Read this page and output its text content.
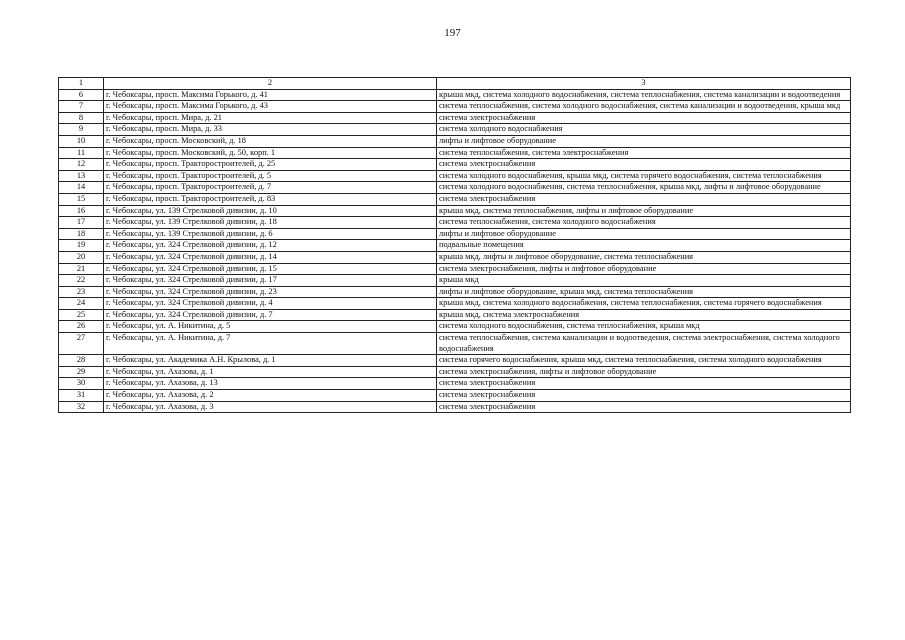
197
1	2	3
6	г. Чебоксары, просп. Максима Горького, д. 41	крыша мкд, система холодного водоснабжения, система теплоснабжения, система канализации и водоотведения
7	г. Чебоксары, просп. Максима Горького, д. 43	система теплоснабжения, система холодного водоснабжения, система канализации и водоотведения, крыша мкд
8	г. Чебоксары, просп. Мира, д. 21	система электроснабжения
9	г. Чебоксары, просп. Мира, д. 33	система холодного водоснабжения
10	г. Чебоксары, просп. Московский, д. 18	лифты и лифтовое оборудование
11	г. Чебоксары, просп. Московский, д. 50, корп. 1	система теплоснабжения, система электроснабжения
12	г. Чебоксары, просп. Тракторостроителей, д. 25	система электроснабжения
13	г. Чебоксары, просп. Тракторостроителей, д. 5	система холодного водоснабжения, крыша мкд, система горячего водоснабжения, система теплоснабжения
14	г. Чебоксары, просп. Тракторостроителей, д. 7	система холодного водоснабжения, система теплоснабжения, крыша мкд, лифты и лифтовое оборудование
15	г. Чебоксары, просп. Тракторостроителей, д. 83	система электроснабжения
16	г. Чебоксары, ул. 139 Стрелковой дивизии, д. 10	крыша мкд, система теплоснабжения, лифты и лифтовое оборудование
17	г. Чебоксары, ул. 139 Стрелковой дивизии, д. 18	система теплоснабжения, система холодного водоснабжения
18	г. Чебоксары, ул. 139 Стрелковой дивизии, д. 6	лифты и лифтовое оборудование
19	г. Чебоксары, ул. 324 Стрелковой дивизии, д. 12	подвальные помещения
20	г. Чебоксары, ул. 324 Стрелковой дивизии, д. 14	крыша мкд, лифты и лифтовое оборудование, система теплоснабжения
21	г. Чебоксары, ул. 324 Стрелковой дивизии, д. 15	система электроснабжения, лифты и лифтовое оборудование
22	г. Чебоксары, ул. 324 Стрелковой дивизии, д. 17	крыша мкд
23	г. Чебоксары, ул. 324 Стрелковой дивизии, д. 23	лифты и лифтовое оборудование, крыша мкд, система теплоснабжения
24	г. Чебоксары, ул. 324 Стрелковой дивизии, д. 4	крыша мкд, система холодного водоснабжения, система теплоснабжения, система горячего водоснабжения
25	г. Чебоксары, ул. 324 Стрелковой дивизии, д. 7	крыша мкд, система электроснабжения
26	г. Чебоксары, ул. А. Никитина, д. 5	система холодного водоснабжения, система теплоснабжения, крыша мкд
27	г. Чебоксары, ул. А. Никитина, д. 7	система теплоснабжения, система канализации и водоотведения, система электроснабжения, система холодного водоснабжения
28	г. Чебоксары, ул. Академика А.Н. Крылова, д. 1	система горячего водоснабжения, крыша мкд, система теплоснабжения, система холодного водоснабжения
29	г. Чебоксары, ул. Ахазова, д. 1	система электроснабжения, лифты и лифтовое оборудование
30	г. Чебоксары, ул. Ахазова, д. 13	система электроснабжения
31	г. Чебоксары, ул. Ахазова, д. 2	система электроснабжения
32	г. Чебоксары, ул. Ахазова, д. 3	система электроснабжения
